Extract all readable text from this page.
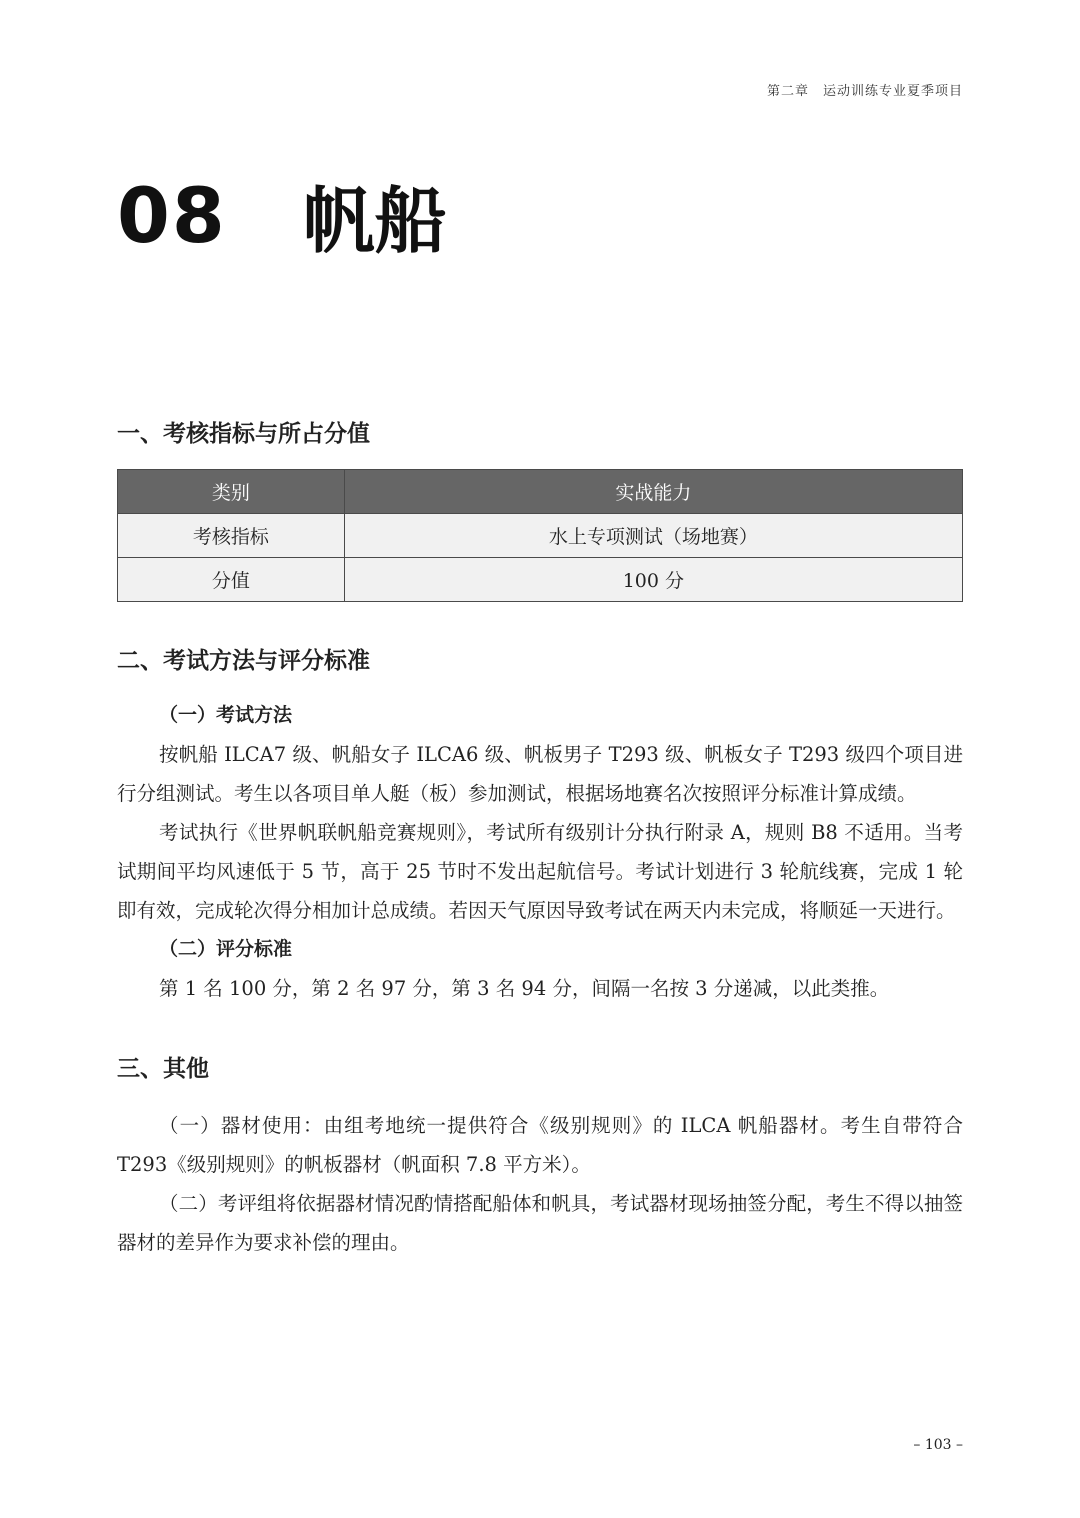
第二章　运动训练专业夏季项目
08 帆船
一、考核指标与所占分值
类别	实战能力
考核指标	水上专项测试（场地赛）
分值	100 分
二、考试方法与评分标准
（一）考试方法

按帆船 ILCA7 级、帆船女子 ILCA6 级、帆板男子 T293 级、帆板女子 T293 级四个项目进行分组测试。考生以各项目单人艇（板）参加测试，根据场地赛名次按照评分标准计算成绩。

考试执行《世界帆联帆船竞赛规则》，考试所有级别计分执行附录 A，规则 B8 不适用。当考试期间平均风速低于 5 节，高于 25 节时不发出起航信号。考试计划进行 3 轮航线赛，完成 1 轮即有效，完成轮次得分相加计总成绩。若因天气原因导致考试在两天内未完成，将顺延一天进行。

（二）评分标准

第 1 名 100 分，第 2 名 97 分，第 3 名 94 分，间隔一名按 3 分递减，以此类推。

三、其他

（一）器材使用：由组考地统一提供符合《级别规则》的 ILCA 帆船器材。考生自带符合 T293《级别规则》的帆板器材（帆面积 7.8 平方米）。

（二）考评组将依据器材情况酌情搭配船体和帆具，考试器材现场抽签分配，考生不得以抽签器材的差异作为要求补偿的理由。

– 103 –
